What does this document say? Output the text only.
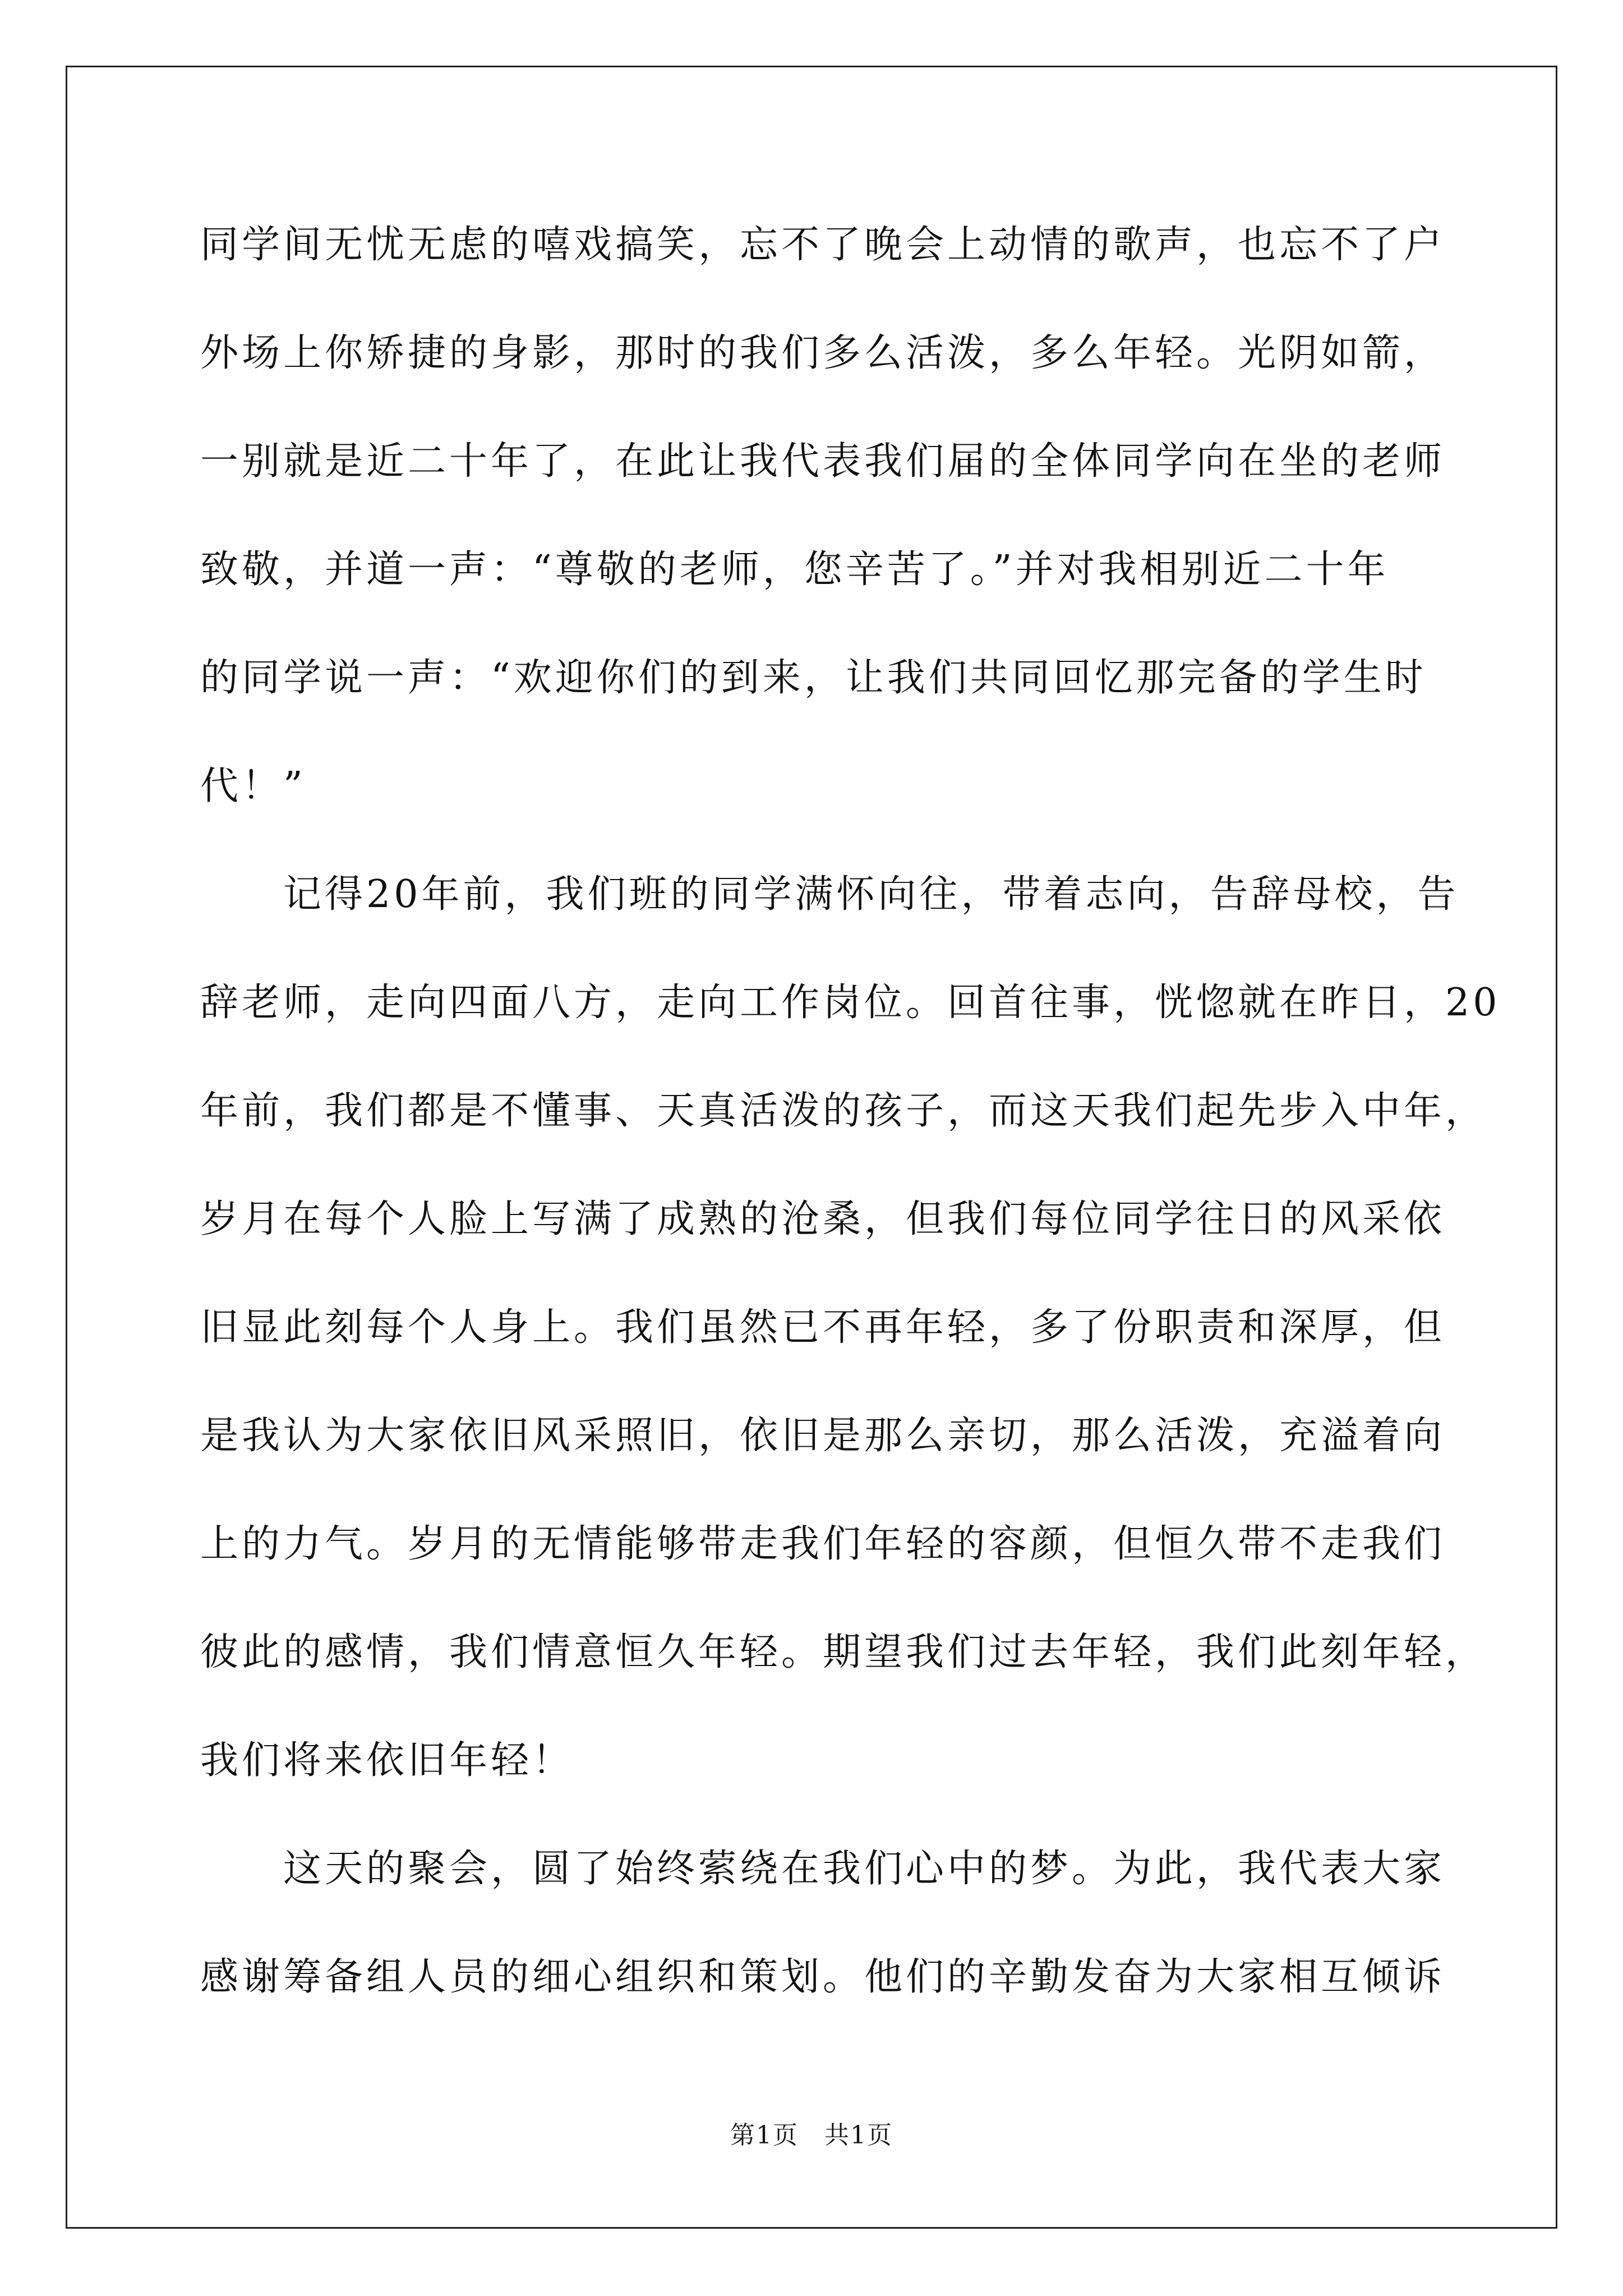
同学间无忧无虑的嘻戏搞笑，忘不了晚会上动情的歌声，也忘不了户
外场上你矫捷的身影，那时的我们多么活泼，多么年轻。光阴如箭，
一别就是近二十年了，在此让我代表我们届的全体同学向在坐的老师
致敬，并道一声：“尊敬的老师，您辛苦了。”并对我相别近二十年
的同学说一声：“欢迎你们的到来，让我们共同回忆那完备的学生时
代！”
　　记得20年前，我们班的同学满怀向往，带着志向，告辞母校，告
辞老师，走向四面八方，走向工作岗位。回首往事，恍惚就在昨日，20
年前，我们都是不懂事、天真活泼的孩子，而这天我们起先步入中年，
岁月在每个人脸上写满了成熟的沧桑，但我们每位同学往日的风采依
旧显此刻每个人身上。我们虽然已不再年轻，多了份职责和深厚，但
是我认为大家依旧风采照旧，依旧是那么亲切，那么活泼，充溢着向
上的力气。岁月的无情能够带走我们年轻的容颜，但恒久带不走我们
彼此的感情，我们情意恒久年轻。期望我们过去年轻，我们此刻年轻，
我们将来依旧年轻！
　　这天的聚会，圆了始终萦绕在我们心中的梦。为此，我代表大家
感谢筹备组人员的细心组织和策划。他们的辛勤发奋为大家相互倾诉
第1页　共1页
